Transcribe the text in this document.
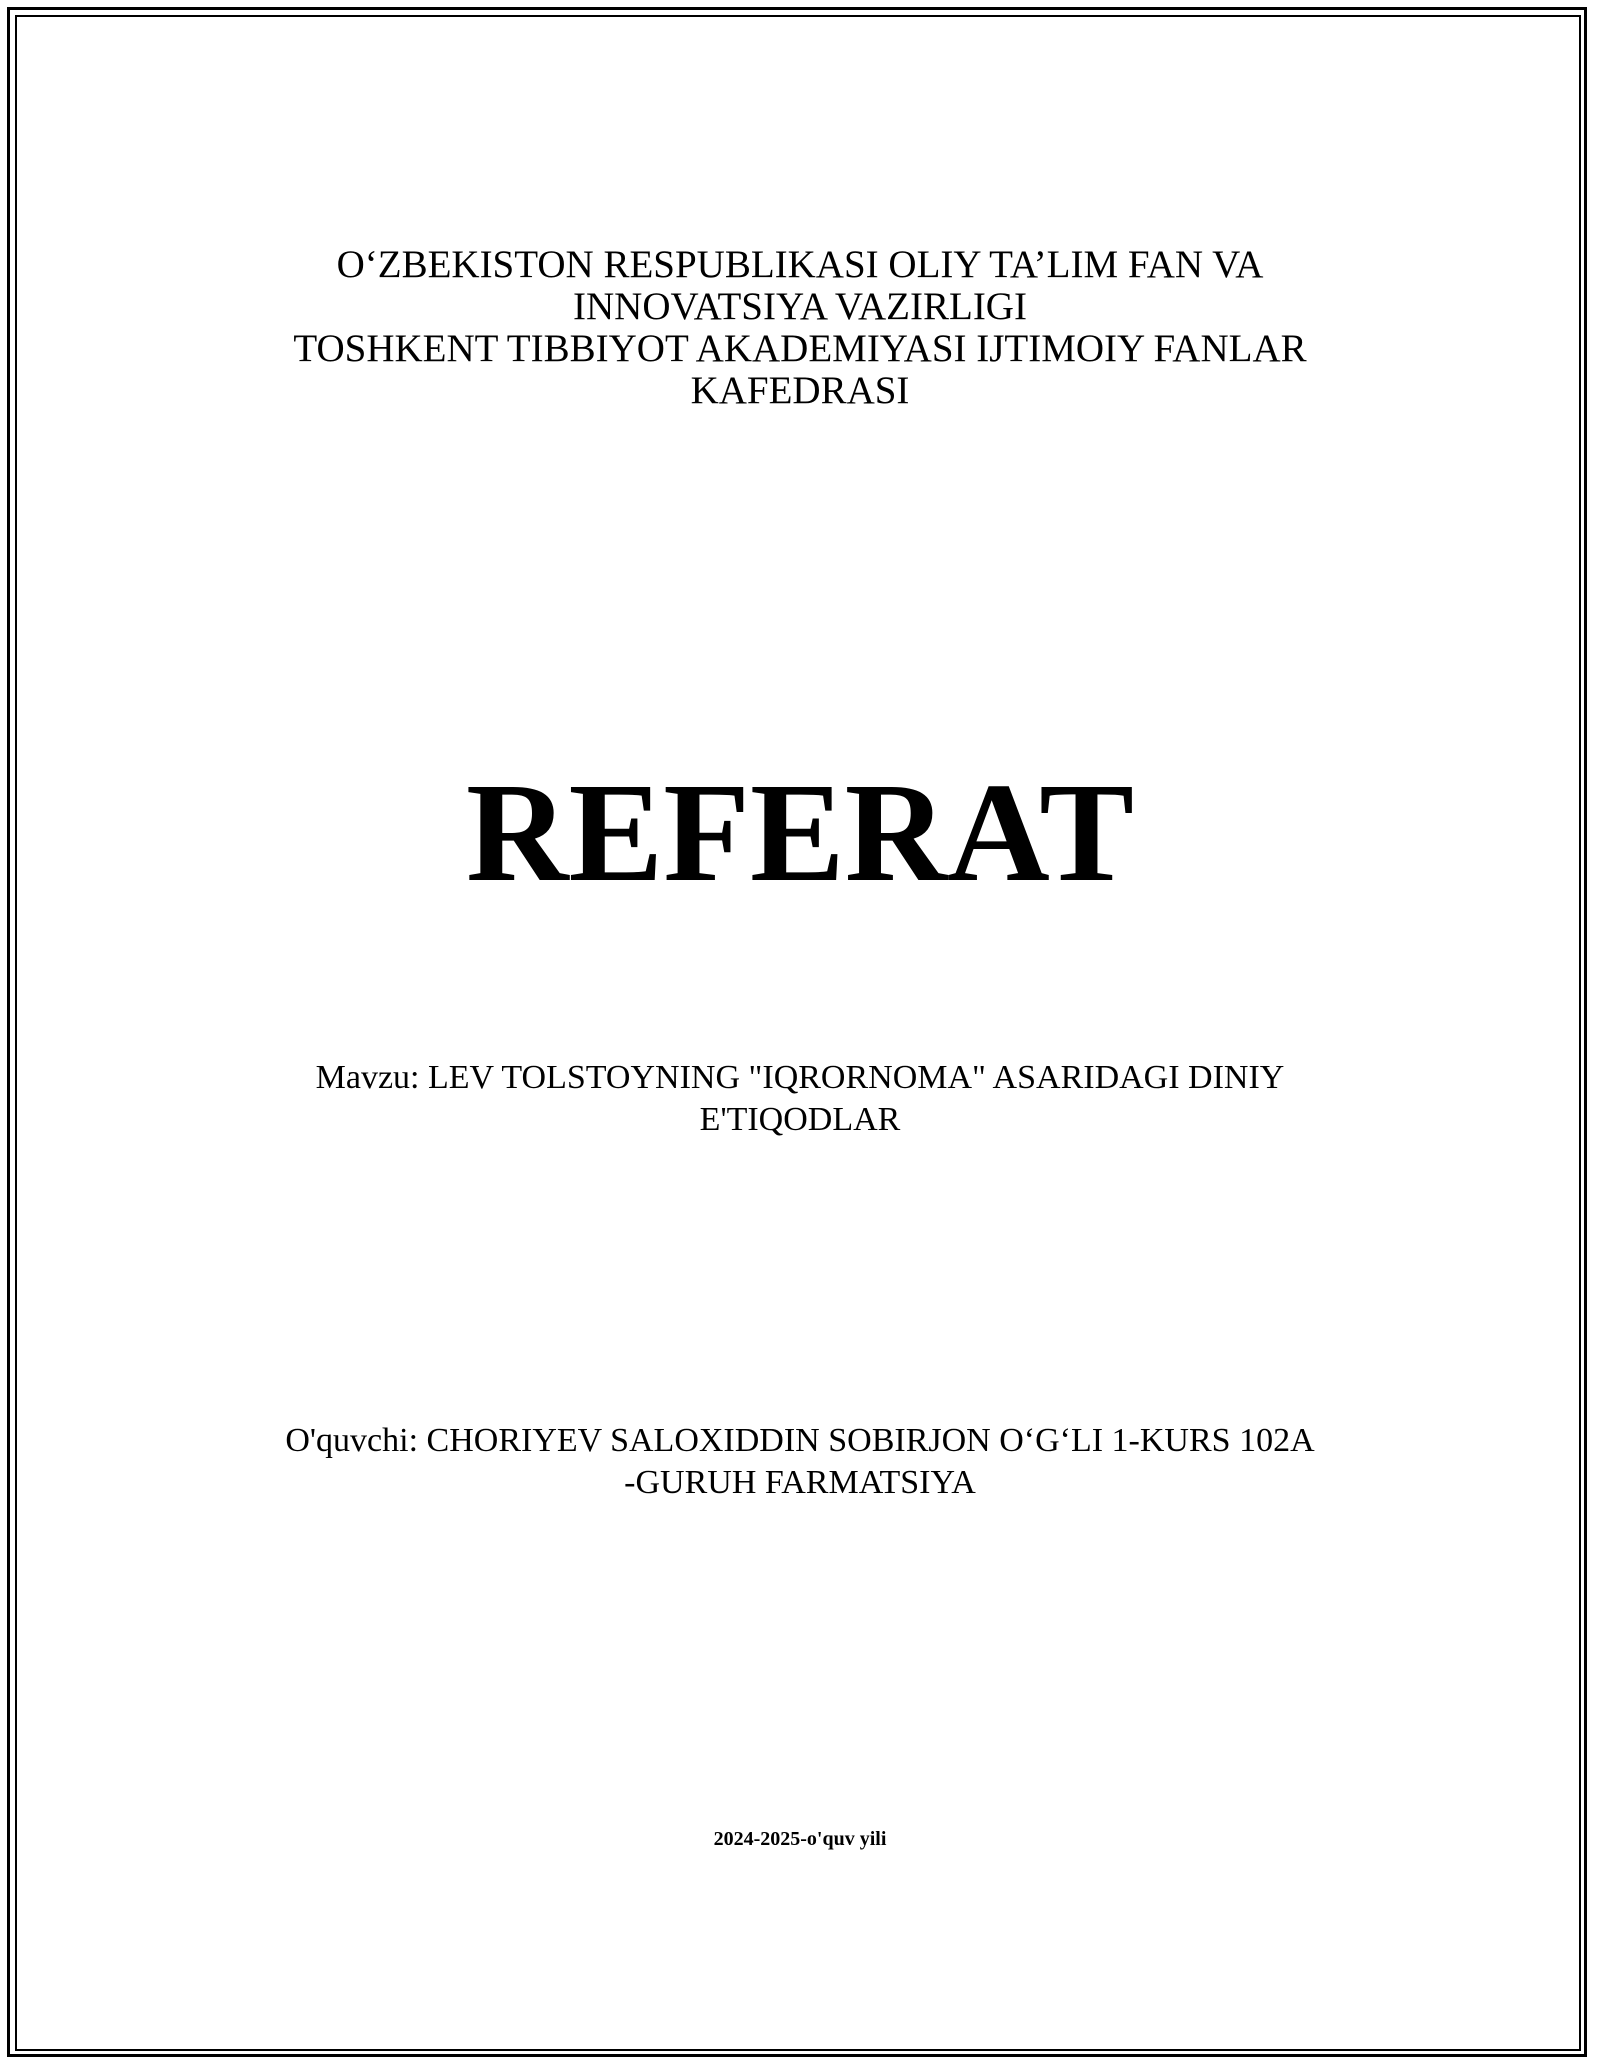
O‘ZBEKISTON RESPUBLIKASI OLIY TA’LIM FAN VA
INNOVATSIYA VAZIRLIGI
TOSHKENT TIBBIYOT AKADEMIYASI IJTIMOIY FANLAR
KAFEDRASI
REFERAT
Mavzu: LEV TOLSTOYNING "IQRORNOMA" ASARIDAGI DINIY
E'TIQODLAR
O'quvchi: CHORIYEV SALOXIDDIN SOBIRJON O‘G‘LI 1-KURS 102A
-GURUH FARMATSIYA
2024-2025-o'quv yili
